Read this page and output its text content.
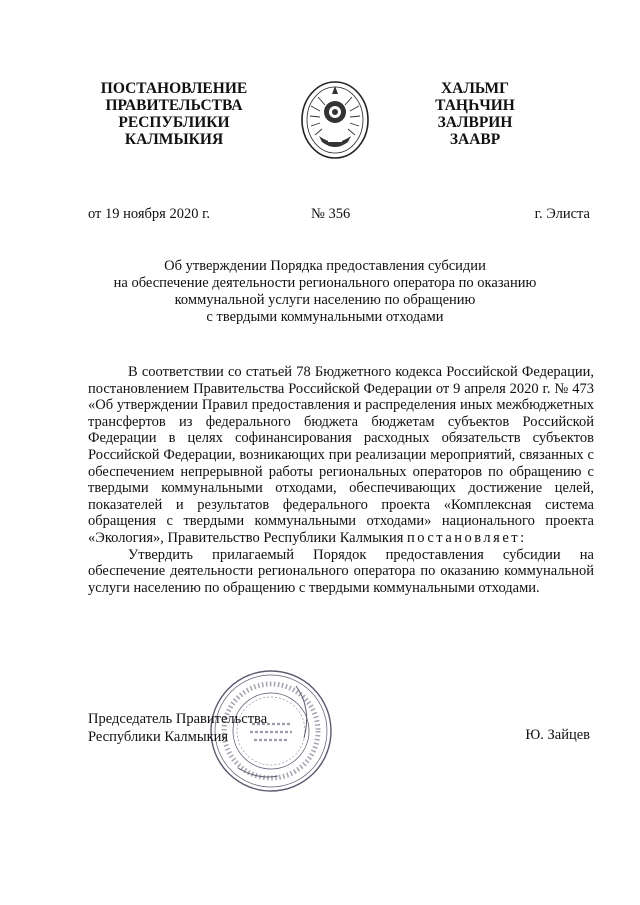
ПОСТАНОВЛЕНИЕ
ПРАВИТЕЛЬСТВА
РЕСПУБЛИКИ
КАЛМЫКИЯ
ХАЛЬМГ
ТАҢҺЧИН
ЗАЛВРИН
ЗААВР
от 19 ноября 2020 г.	№ 356	г. Элиста
Об утверждении Порядка предоставления субсидии
на обеспечение деятельности регионального оператора по оказанию
коммунальной услуги населению по обращению
с твердыми коммунальными отходами

В соответствии со статьей 78 Бюджетного кодекса Российской Федерации, постановлением Правительства Российской Федерации от 9 апреля 2020 г. № 473 «Об утверждении Правил предоставления и распределения иных межбюджетных трансфертов из федерального бюджета бюджетам субъектов Российской Федерации в целях софинансирования расходных обязательств субъектов Российской Федерации, возникающих при реализации мероприятий, связанных с обеспечением непрерывной работы региональных операторов по обращению с твердыми коммунальными отходами, обеспечивающих достижение целей, показателей и результатов федерального проекта «Комплексная система обращения с твердыми коммунальными отходами» национального проекта «Экология», Правительство Республики Калмыкия постановляет:

Утвердить прилагаемый Порядок предоставления субсидии на обеспечение деятельности регионального оператора по оказанию коммунальной услуги населению по обращению с твердыми коммунальными отходами.

Председатель Правительства
Республики Калмыкия	Ю. Зайцев
